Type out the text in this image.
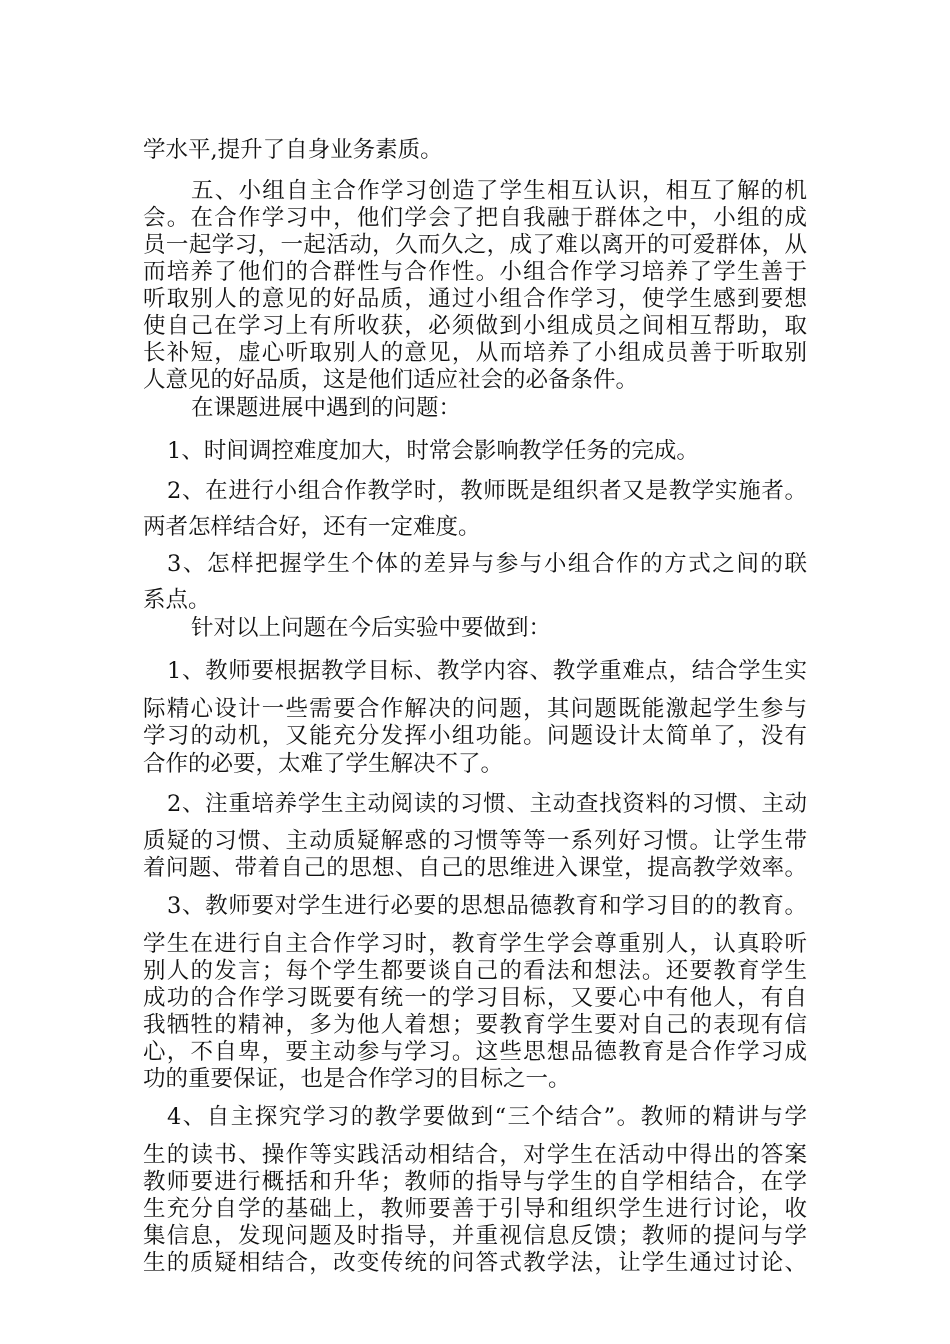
学水平,提升了自身业务素质。

五、小组自主合作学习创造了学生相互认识，相互了解的机

会。在合作学习中，他们学会了把自我融于群体之中，小组的成

员一起学习，一起活动，久而久之，成了难以离开的可爱群体，从

而培养了他们的合群性与合作性。小组合作学习培养了学生善于

听取别人的意见的好品质，通过小组合作学习，使学生感到要想

使自己在学习上有所收获，必须做到小组成员之间相互帮助，取

长补短，虚心听取别人的意见，从而培养了小组成员善于听取别

人意见的好品质，这是他们适应社会的必备条件。

在课题进展中遇到的问题：

1、时间调控难度加大，时常会影响教学任务的完成。

2、在进行小组合作教学时，教师既是组织者又是教学实施者。

两者怎样结合好，还有一定难度。

3、怎样把握学生个体的差异与参与小组合作的方式之间的联

系点。

针对以上问题在今后实验中要做到：

1、教师要根据教学目标、教学内容、教学重难点，结合学生实

际精心设计一些需要合作解决的问题，其问题既能激起学生参与

学习的动机，又能充分发挥小组功能。问题设计太简单了，没有

合作的必要，太难了学生解决不了。

2、注重培养学生主动阅读的习惯、主动查找资料的习惯、主动

质疑的习惯、主动质疑解惑的习惯等等一系列好习惯。让学生带

着问题、带着自己的思想、自己的思维进入课堂，提高教学效率。

3、教师要对学生进行必要的思想品德教育和学习目的的教育。

学生在进行自主合作学习时，教育学生学会尊重别人，认真聆听

别人的发言；每个学生都要谈自己的看法和想法。还要教育学生

成功的合作学习既要有统一的学习目标，又要心中有他人，有自

我牺牲的精神，多为他人着想；要教育学生要对自己的表现有信

心，不自卑，要主动参与学习。这些思想品德教育是合作学习成

功的重要保证，也是合作学习的目标之一。

4、自主探究学习的教学要做到“三个结合”。教师的精讲与学

生的读书、操作等实践活动相结合，对学生在活动中得出的答案

教师要进行概括和升华；教师的指导与学生的自学相结合，在学

生充分自学的基础上，教师要善于引导和组织学生进行讨论，收

集信息，发现问题及时指导，并重视信息反馈；教师的提问与学

生的质疑相结合，改变传统的问答式教学法，让学生通过讨论、
